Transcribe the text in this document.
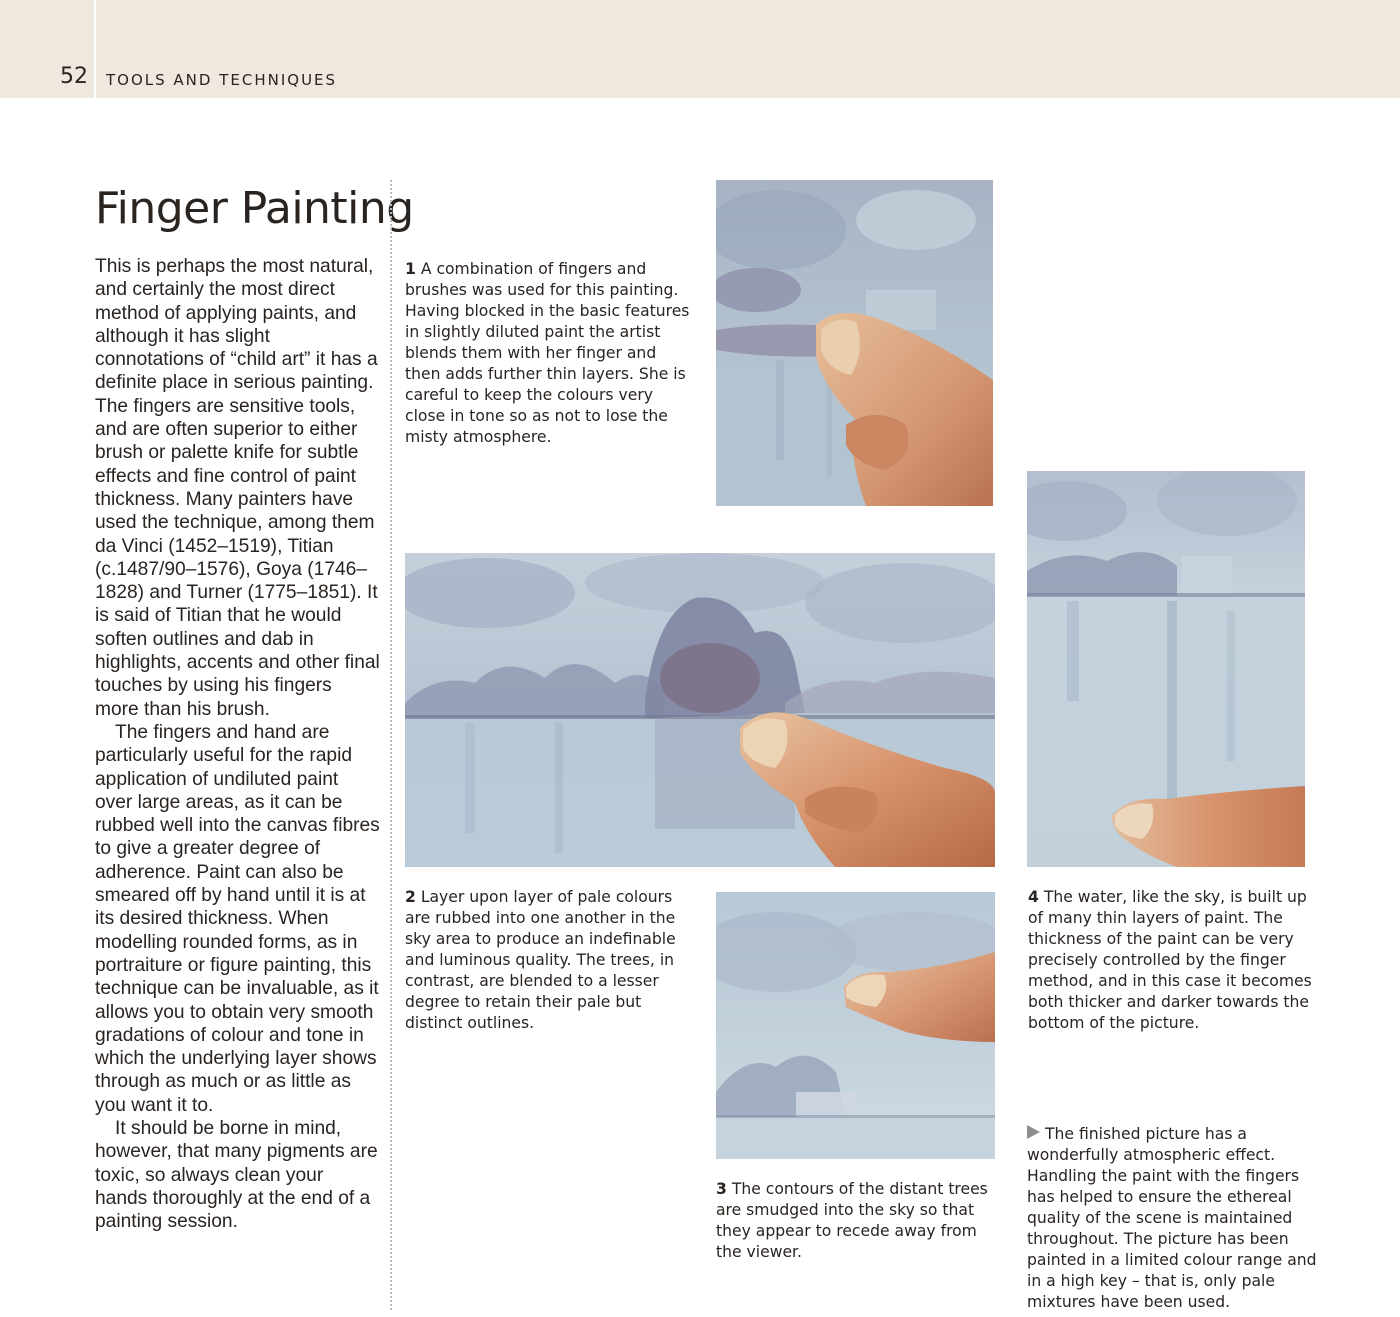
52 TOOLS AND TECHNIQUES
Finger Painting

This is perhaps the most natural, and certainly the most direct method of applying paints, and although it has slight connotations of “child art” it has a definite place in serious painting. The fingers are sensitive tools, and are often superior to either brush or palette knife for subtle effects and fine control of paint thickness. Many painters have used the technique, among them da Vinci (1452–1519), Titian (c.1487/90–1576), Goya (1746–1828) and Turner (1775–1851). It is said of Titian that he would soften outlines and dab in highlights, accents and other final touches by using his fingers more than his brush.

The fingers and hand are particularly useful for the rapid application of undiluted paint over large areas, as it can be rubbed well into the canvas fibres to give a greater degree of adherence. Paint can also be smeared off by hand until it is at its desired thickness. When modelling rounded forms, as in portraiture or figure painting, this technique can be invaluable, as it allows you to obtain very smooth gradations of colour and tone in which the underlying layer shows through as much or as little as you want it to.

It should be borne in mind, however, that many pigments are toxic, so always clean your hands thoroughly at the end of a painting session.

1 A combination of fingers and brushes was used for this painting. Having blocked in the basic features in slightly diluted paint the artist blends them with her finger and then adds further thin layers. She is careful to keep the colours very close in tone so as not to lose the misty atmosphere.
2 Layer upon layer of pale colours are rubbed into one another in the sky area to produce an indefinable and luminous quality. The trees, in contrast, are blended to a lesser degree to retain their pale but distinct outlines.
4 The water, like the sky, is built up of many thin layers of paint. The thickness of the paint can be very precisely controlled by the finger method, and in this case it becomes both thicker and darker towards the bottom of the picture.
3 The contours of the distant trees are smudged into the sky so that they appear to recede away from the viewer.
The finished picture has a wonderfully atmospheric effect. Handling the paint with the fingers has helped to ensure the ethereal quality of the scene is maintained throughout. The picture has been painted in a limited colour range and in a high key – that is, only pale mixtures have been used.
